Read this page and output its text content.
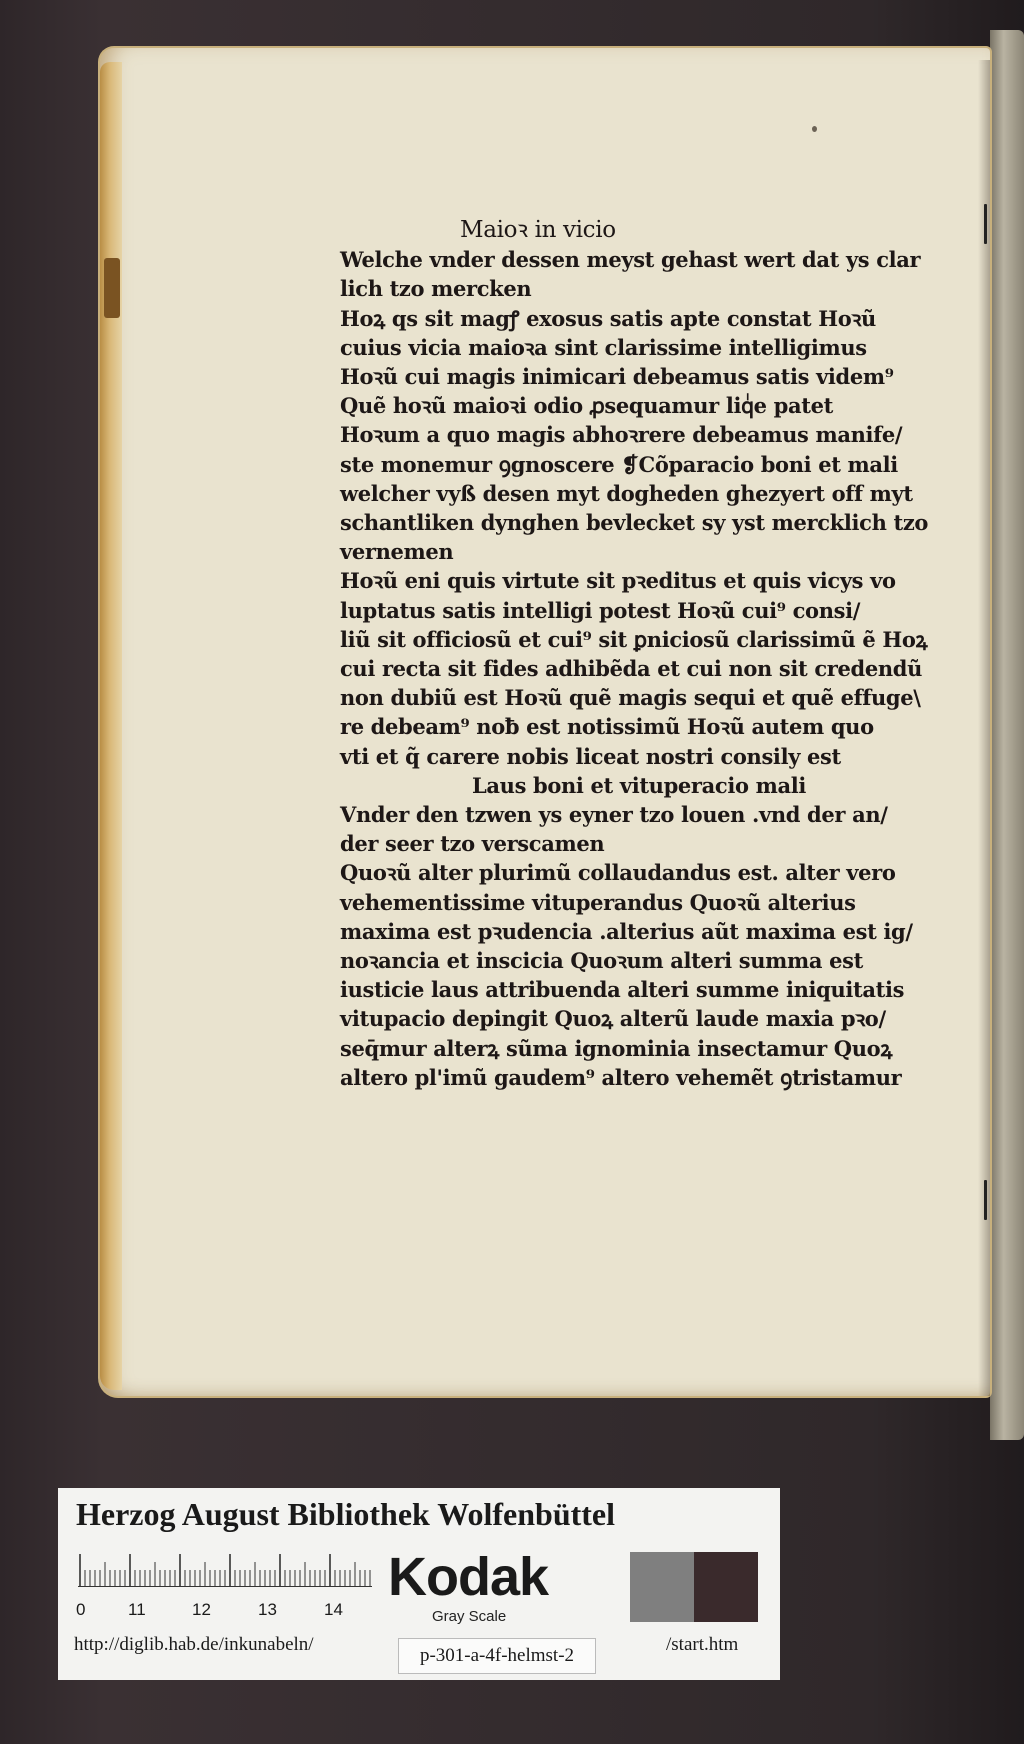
Maioꝛ in vicio
Welche vnder dessen meyst gehast wert dat ys clar
lich tzo mercken
Hoꝝ qs sit magꝭ exosus satis apte constat Hoꝛũ
cuius vicia maioꝛa sint clarissime intelligimus
Hoꝛũ cui magis inimicari debeamus satis videm⁹
Quẽ hoꝛũ maioꝛi odio ꝓsequamur liqᷝe patet
Hoꝛum a quo magis abhoꝛrere debeamus manife/
ste monemur ꝯgnoscere ❡Cõparacio boni et mali
welcher vyß desen myt dogheden ghezyert off myt
schantliken dynghen bevlecket sy yst mercklich tzo
vernemen
Hoꝛũ eni quis virtute sit pꝛeditus et quis vicys vo
luptatus satis intelligi potest Hoꝛũ cui⁹ consi/
liũ sit officiosũ et cui⁹ sit ꝑniciosũ clarissimũ ẽ Hoꝝ
cui recta sit fides adhibẽda et cui non sit credendũ
non dubiũ est Hoꝛũ quẽ magis sequi et quẽ effuge\
re debeam⁹ noƀ est notissimũ Hoꝛũ autem quo
vti et q̃ carere nobis liceat nostri consily est
Laus boni et vituperacio mali
Vnder den tzwen ys eyner tzo louen .vnd der an/
der seer tzo verscamen
Quoꝛũ alter plurimũ collaudandus est. alter vero
vehementissime vituperandus Quoꝛũ alterius
maxima est pꝛudencia .alterius aũt maxima est ig/
noꝛancia et inscicia Quoꝛum alteri summa est
iusticie laus attribuenda alteri summe iniquitatis
vitupacio depingit Quoꝝ alterũ laude maxia pꝛo/
seq̄mur alterꝝ sũma ignominia insectamur Quoꝝ
altero pl'imũ gaudem⁹ altero vehemẽt ꝯtristamur
Herzog August Bibliothek Wolfenbüttel
0	11	12	13	14
Kodak
Gray Scale
http://diglib.hab.de/inkunabeln/
p-301-a-4f-helmst-2
/start.htm
